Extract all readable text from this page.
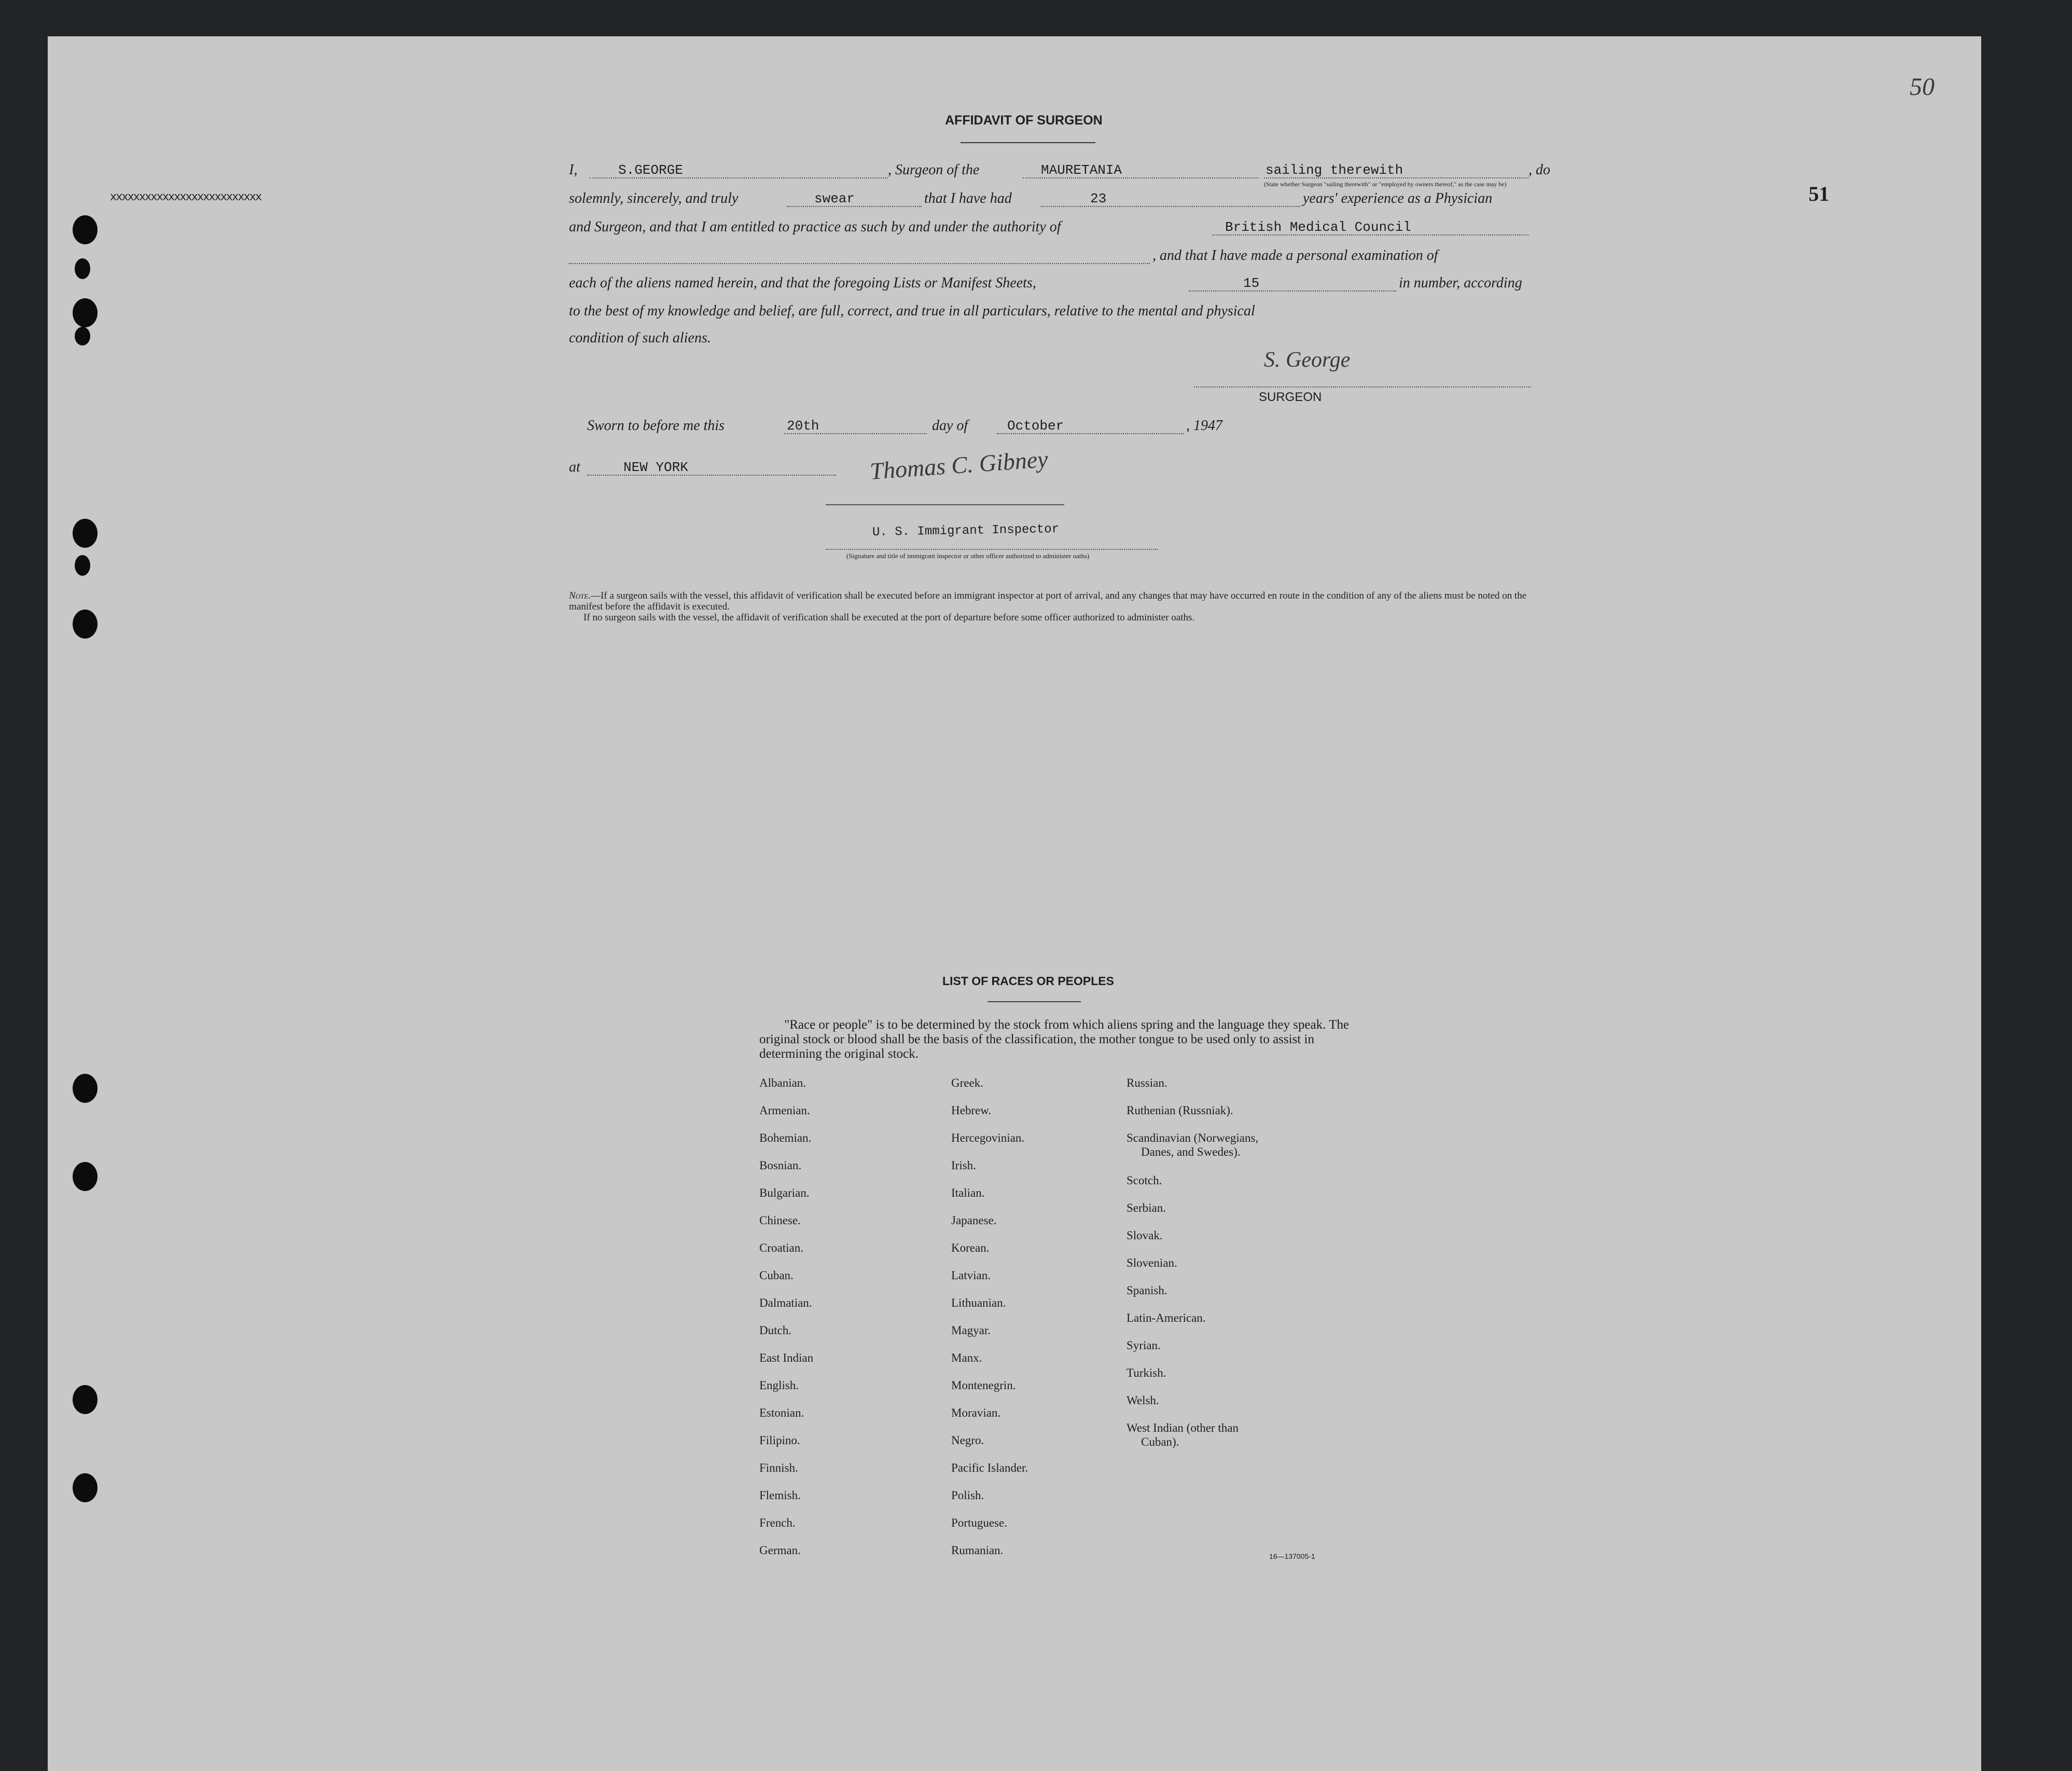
50
51
xxxxxxxxxxxxxxxxxxxxxxxxxx
AFFIDAVIT OF SURGEON
I,	S.GEORGE	, Surgeon of the	MAURETANIA	sailing therewith	, do
(State whether Surgeon "sailing therewith" or "employed by owners thereof," as the case may be)
solemnly, sincerely, and truly	swear	that I have had	23	years' experience as a Physician
and Surgeon, and that I am entitled to practice as such by and under the authority of	British Medical Council
, and that I have made a personal examination of
each of the aliens named herein, and that the foregoing Lists or Manifest Sheets,	15	in number, according
to the best of my knowledge and belief, are full, correct, and true in all particulars, relative to the mental and physical
condition of such aliens.
S. George
SURGEON
Sworn to before me this	20th	day of	October	, 1947
at	NEW YORK	Thomas C. Gibney
U. S. Immigrant Inspector
(Signature and title of immigrant inspector or other officer authorized to administer oaths)
Note.—If a surgeon sails with the vessel, this affidavit of verification shall be executed before an immigrant inspector at port of arrival, and any changes that may have occurred en route in the condition of any of the aliens must be noted on the manifest before the affidavit is executed.
If no surgeon sails with the vessel, the affidavit of verification shall be executed at the port of departure before some officer authorized to administer oaths.
LIST OF RACES OR PEOPLES
"Race or people" is to be determined by the stock from which aliens spring and the language they speak. The original stock or blood shall be the basis of the classification, the mother tongue to be used only to assist in determining the original stock.
Albanian.
Armenian.
Bohemian.
Bosnian.
Bulgarian.
Chinese.
Croatian.
Cuban.
Dalmatian.
Dutch.
East Indian
English.
Estonian.
Filipino.
Finnish.
Flemish.
French.
German.
Greek.
Hebrew.
Hercegovinian.
Irish.
Italian.
Japanese.
Korean.
Latvian.
Lithuanian.
Magyar.
Manx.
Montenegrin.
Moravian.
Negro.
Pacific Islander.
Polish.
Portuguese.
Rumanian.
Russian.
Ruthenian (Russniak).
Scandinavian (Norwegians,
Danes, and Swedes).
Scotch.
Serbian.
Slovak.
Slovenian.
Spanish.
Latin-American.
Syrian.
Turkish.
Welsh.
West Indian (other than
Cuban).
16—137005-1
